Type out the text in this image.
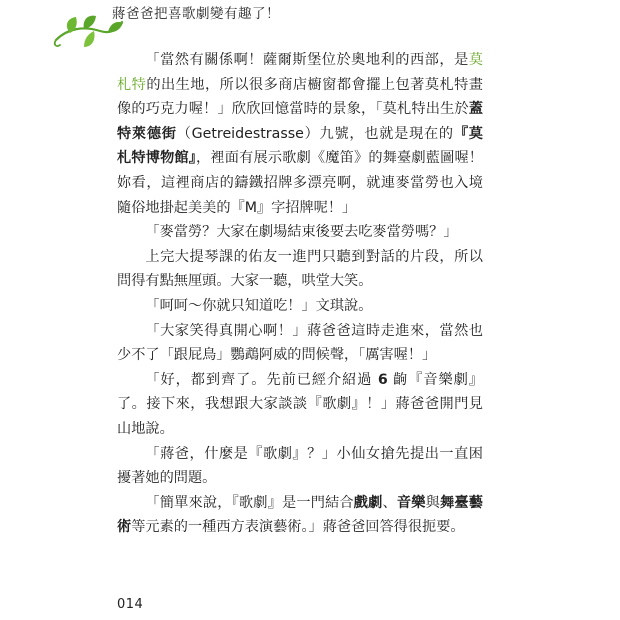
蔣爸爸把喜歌劇變有趣了！

「當然有關係啊！薩爾斯堡位於奧地利的西部，是莫札特的出生地，所以很多商店櫥窗都會擺上包著莫札特畫像的巧克力喔！」欣欣回憶當時的景象，「莫札特出生於蓋特萊德街（Getreidestrasse）九號，也就是現在的『莫札特博物館』，裡面有展示歌劇《魔笛》的舞臺劇藍圖喔！妳看，這裡商店的鑄鐵招牌多漂亮啊，就連麥當勞也入境隨俗地掛起美美的『M』字招牌呢！」

「麥當勞？大家在劇場結束後要去吃麥當勞嗎？」

上完大提琴課的佑友一進門只聽到對話的片段，所以問得有點無厘頭。大家一聽，哄堂大笑。

「呵呵～你就只知道吃！」文琪說。

「大家笑得真開心啊！」蔣爸爸這時走進來，當然也少不了「跟屁鳥」鸚鵡阿威的問候聲，「厲害喔！」

「好，都到齊了。先前已經介紹過 6 齣『音樂劇』了。接下來，我想跟大家談談『歌劇』！」蔣爸爸開門見山地說。

「蔣爸，什麼是『歌劇』？」小仙女搶先提出一直困擾著她的問題。

「簡單來說，『歌劇』是一門結合戲劇、音樂與舞臺藝術等元素的一種西方表演藝術。」蔣爸爸回答得很扼要。

014
